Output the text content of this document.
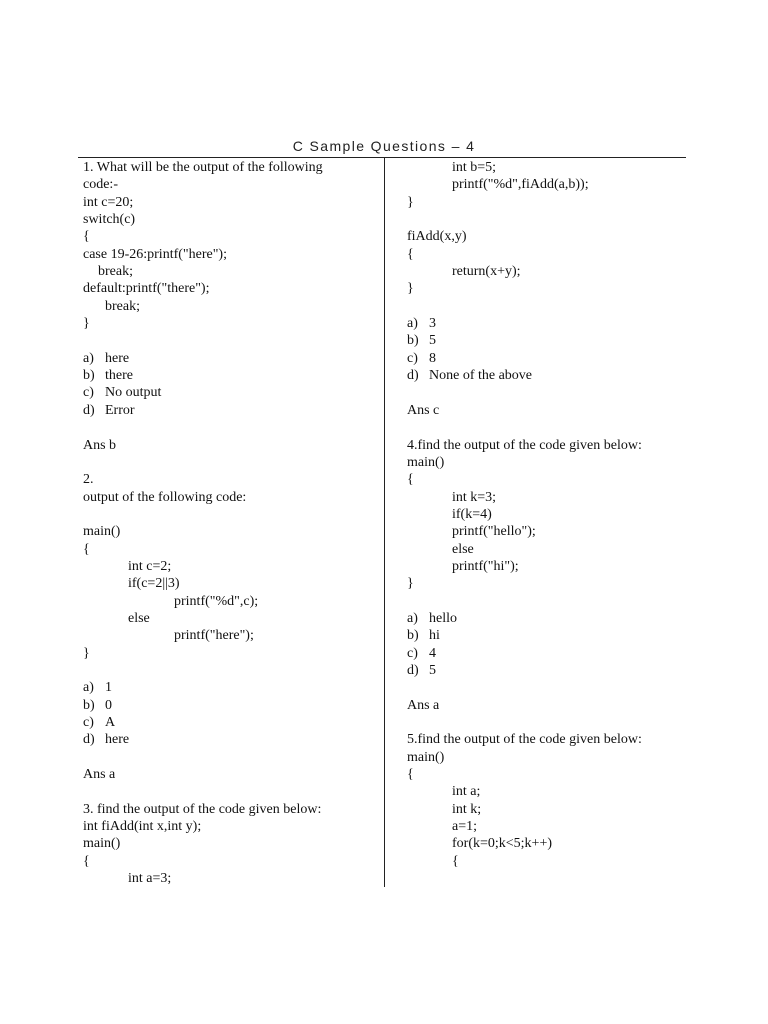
C Sample Questions – 4
1. What will be the output of the following
code:-
int c=20;
switch(c)
{
case 19-26:printf("here");
break;
default:printf("there");
break;
}
a) here
b) there
c) No output
d) Error
Ans b
2.
output of the following code:
main()
{
int c=2;
if(c=2||3)
printf("%d",c);
else
printf("here");
}
a) 1
b) 0
c) A
d) here
Ans a
3. find the output of the code given below:
int fiAdd(int x,int y);
main()
{
int a=3;
int b=5;
printf("%d",fiAdd(a,b));
}
fiAdd(x,y)
{
return(x+y);
}
a) 3
b) 5
c) 8
d) None of the above
Ans c
4.find the output of the code given below:
main()
{
int k=3;
if(k=4)
printf("hello");
else
printf("hi");
}
a) hello
b) hi
c) 4
d) 5
Ans a
5.find the output of the code given below:
main()
{
int a;
int k;
a=1;
for(k=0;k<5;k++)
{
